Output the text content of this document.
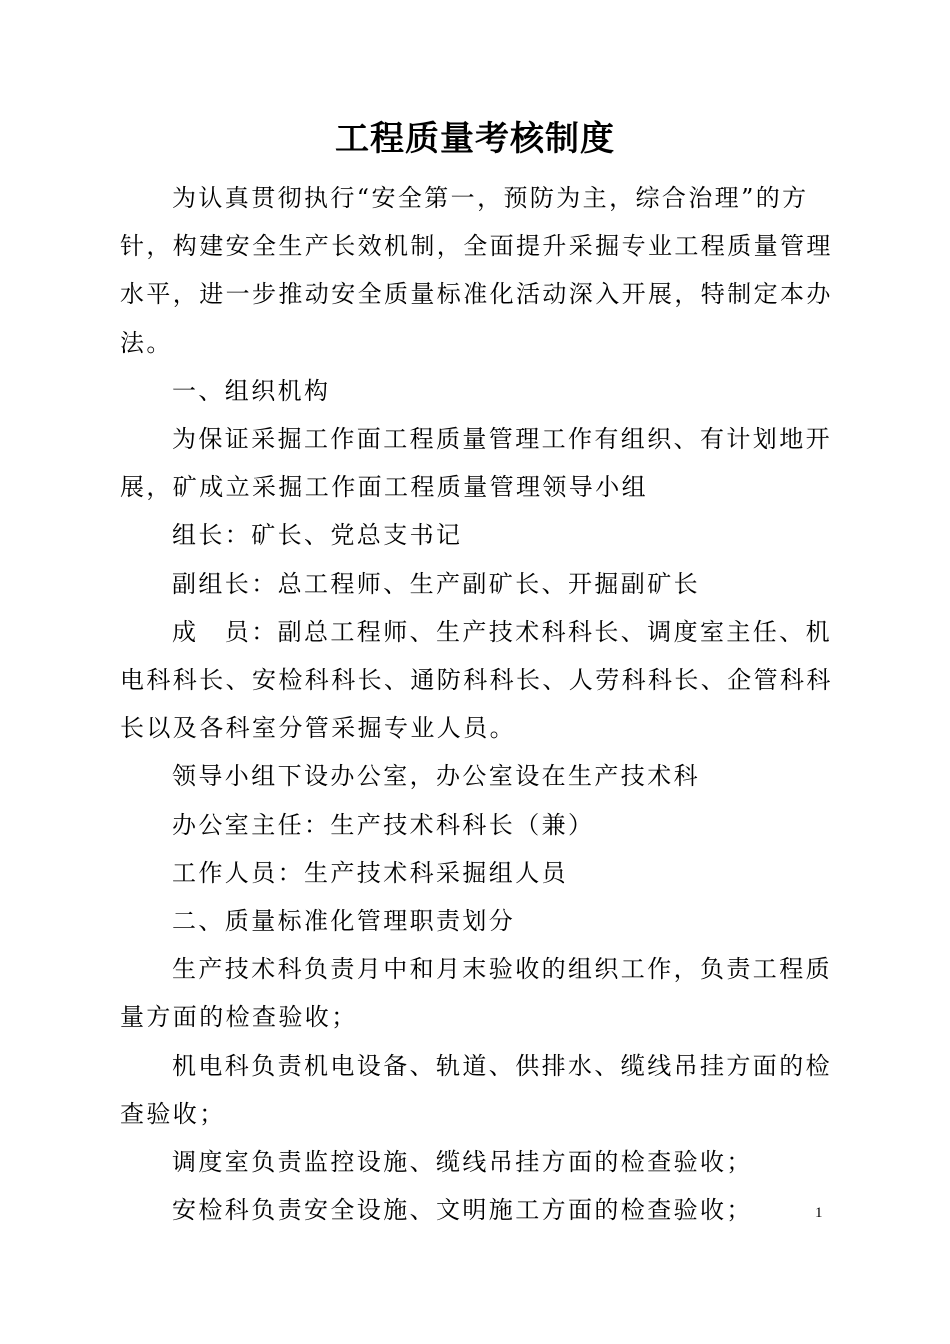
工程质量考核制度

为认真贯彻执行“安全第一，预防为主，综合治理”的方针，构建安全生产长效机制，全面提升采掘专业工程质量管理水平，进一步推动安全质量标准化活动深入开展，特制定本办法。

一、组织机构

为保证采掘工作面工程质量管理工作有组织、有计划地开展，矿成立采掘工作面工程质量管理领导小组

组长：矿长、党总支书记

副组长：总工程师、生产副矿长、开掘副矿长

成　员：副总工程师、生产技术科科长、调度室主任、机电科科长、安检科科长、通防科科长、人劳科科长、企管科科长以及各科室分管采掘专业人员。

领导小组下设办公室，办公室设在生产技术科

办公室主任：生产技术科科长（兼）

工作人员：生产技术科采掘组人员

二、质量标准化管理职责划分

生产技术科负责月中和月末验收的组织工作，负责工程质量方面的检查验收；

机电科负责机电设备、轨道、供排水、缆线吊挂方面的检查验收；

调度室负责监控设施、缆线吊挂方面的检查验收；

安检科负责安全设施、文明施工方面的检查验收；	1
